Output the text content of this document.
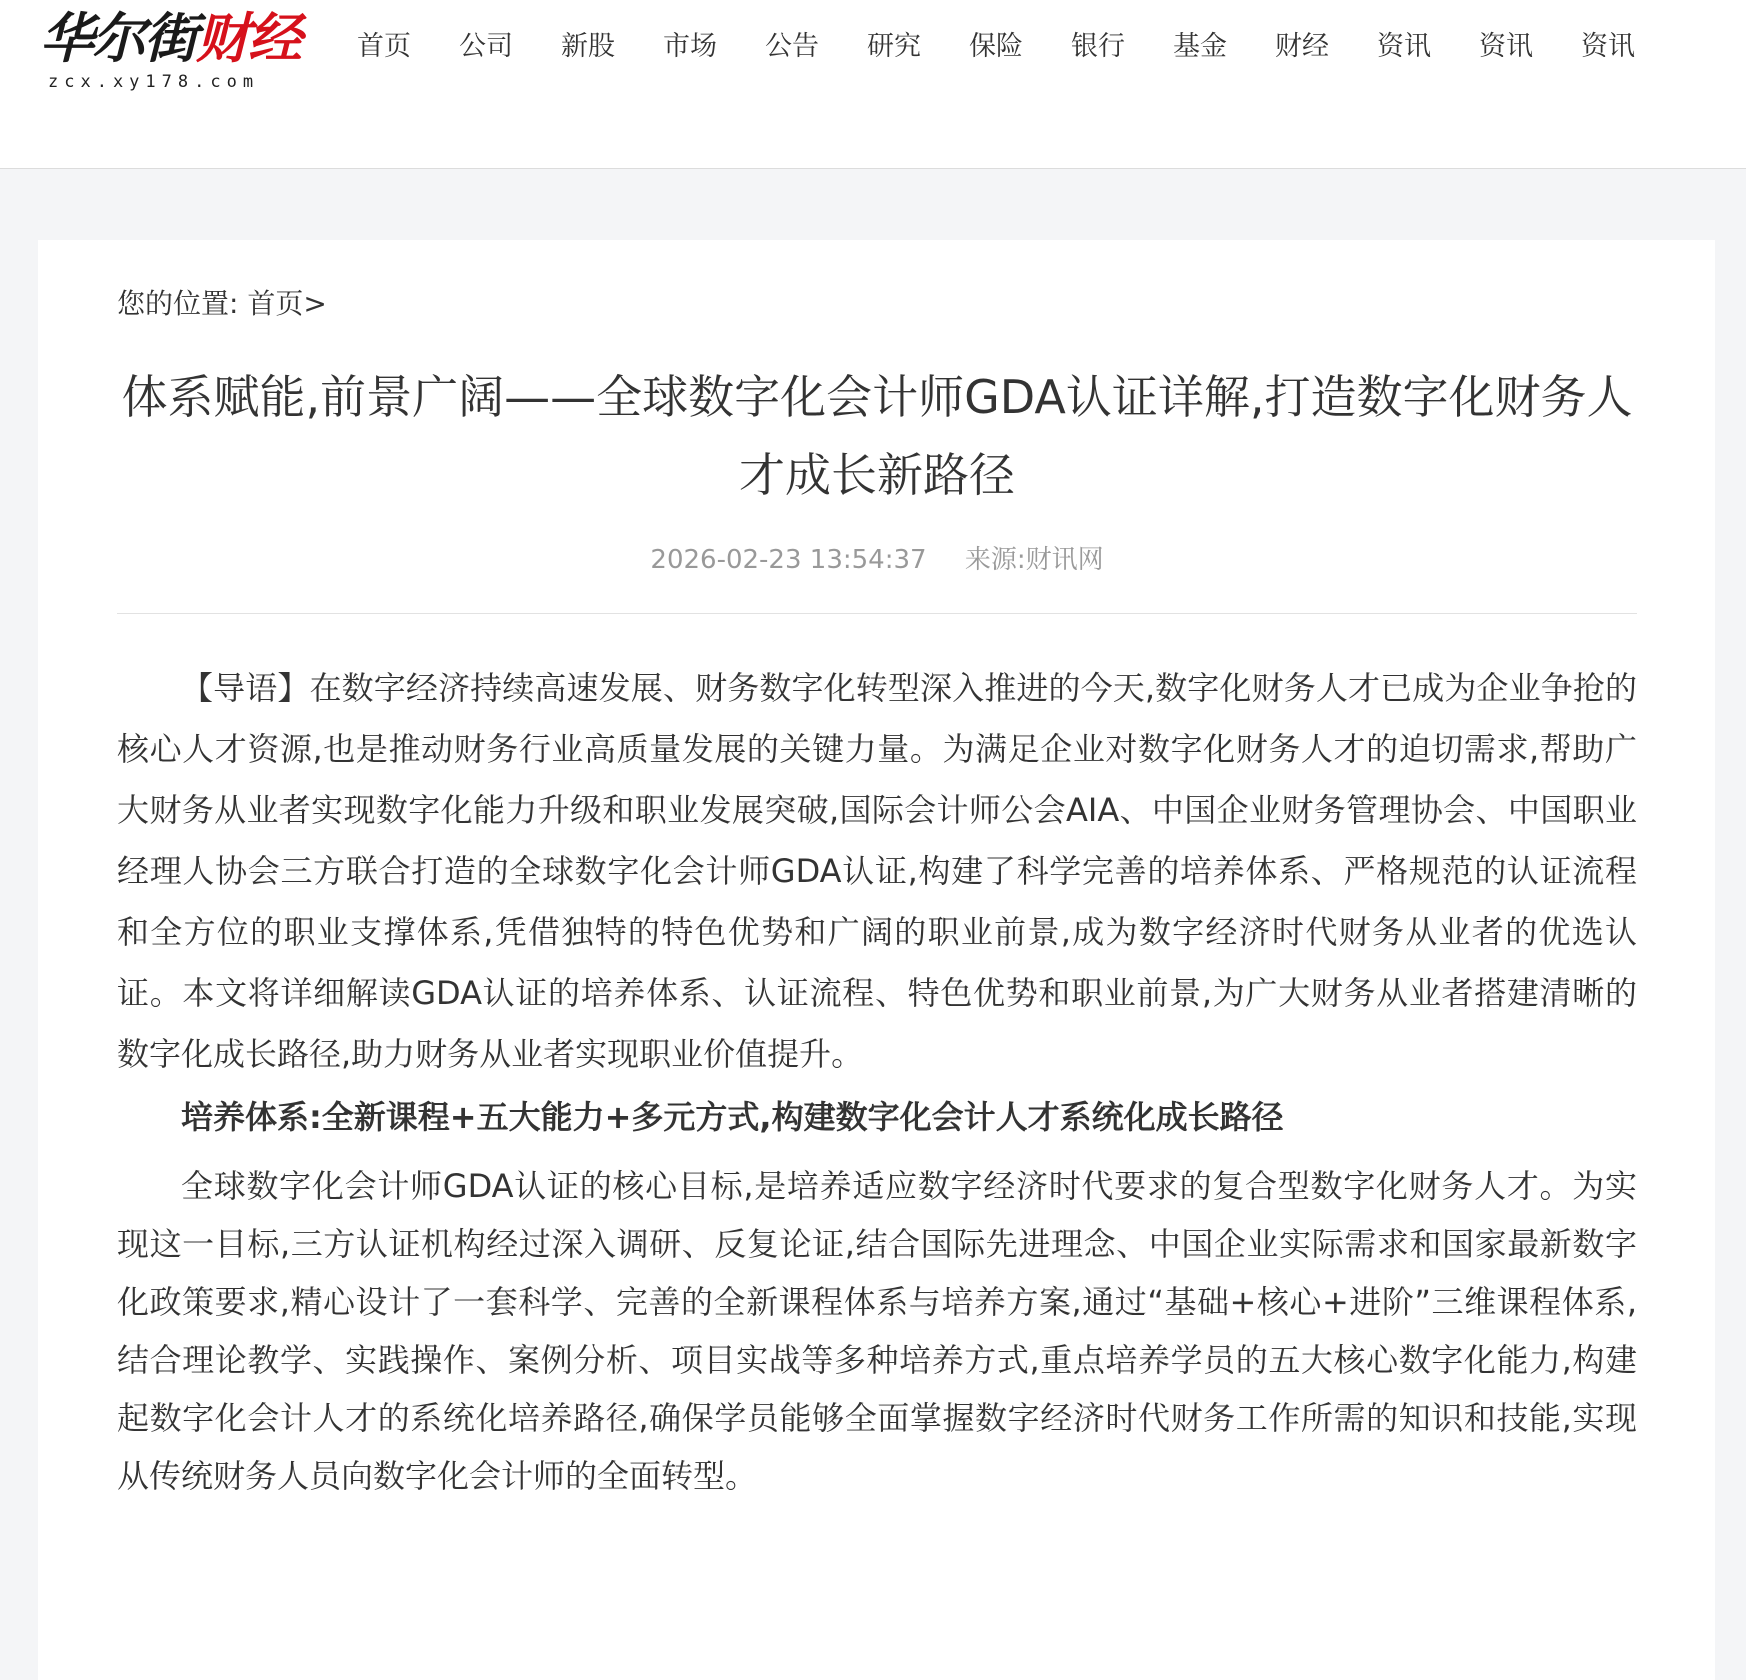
华尔街财经
zcx.xy178.com
首页	公司	新股	市场	公告	研究	保险	银行	基金	财经	资讯	资讯	资讯
您的位置: 首页>
体系赋能,前景广阔——全球数字化会计师GDA认证详解,打造数字化财务人才成长新路径
2026-02-23 13:54:37 来源:财讯网

【导语】在数字经济持续高速发展、财务数字化转型深入推进的今天,数字化财务人才已成为企业争抢的核心人才资源,也是推动财务行业高质量发展的关键力量。为满足企业对数字化财务人才的迫切需求,帮助广大财务从业者实现数字化能力升级和职业发展突破,国际会计师公会AIA、中国企业财务管理协会、中国职业经理人协会三方联合打造的全球数字化会计师GDA认证,构建了科学完善的培养体系、严格规范的认证流程和全方位的职业支撑体系,凭借独特的特色优势和广阔的职业前景,成为数字经济时代财务从业者的优选认证。本文将详细解读GDA认证的培养体系、认证流程、特色优势和职业前景,为广大财务从业者搭建清晰的数字化成长路径,助力财务从业者实现职业价值提升。

培养体系:全新课程+五大能力+多元方式,构建数字化会计人才系统化成长路径

全球数字化会计师GDA认证的核心目标,是培养适应数字经济时代要求的复合型数字化财务人才。为实现这一目标,三方认证机构经过深入调研、反复论证,结合国际先进理念、中国企业实际需求和国家最新数字化政策要求,精心设计了一套科学、完善的全新课程体系与培养方案,通过“基础+核心+进阶”三维课程体系,结合理论教学、实践操作、案例分析、项目实战等多种培养方式,重点培养学员的五大核心数字化能力,构建起数字化会计人才的系统化培养路径,确保学员能够全面掌握数字经济时代财务工作所需的知识和技能,实现从传统财务人员向数字化会计师的全面转型。
